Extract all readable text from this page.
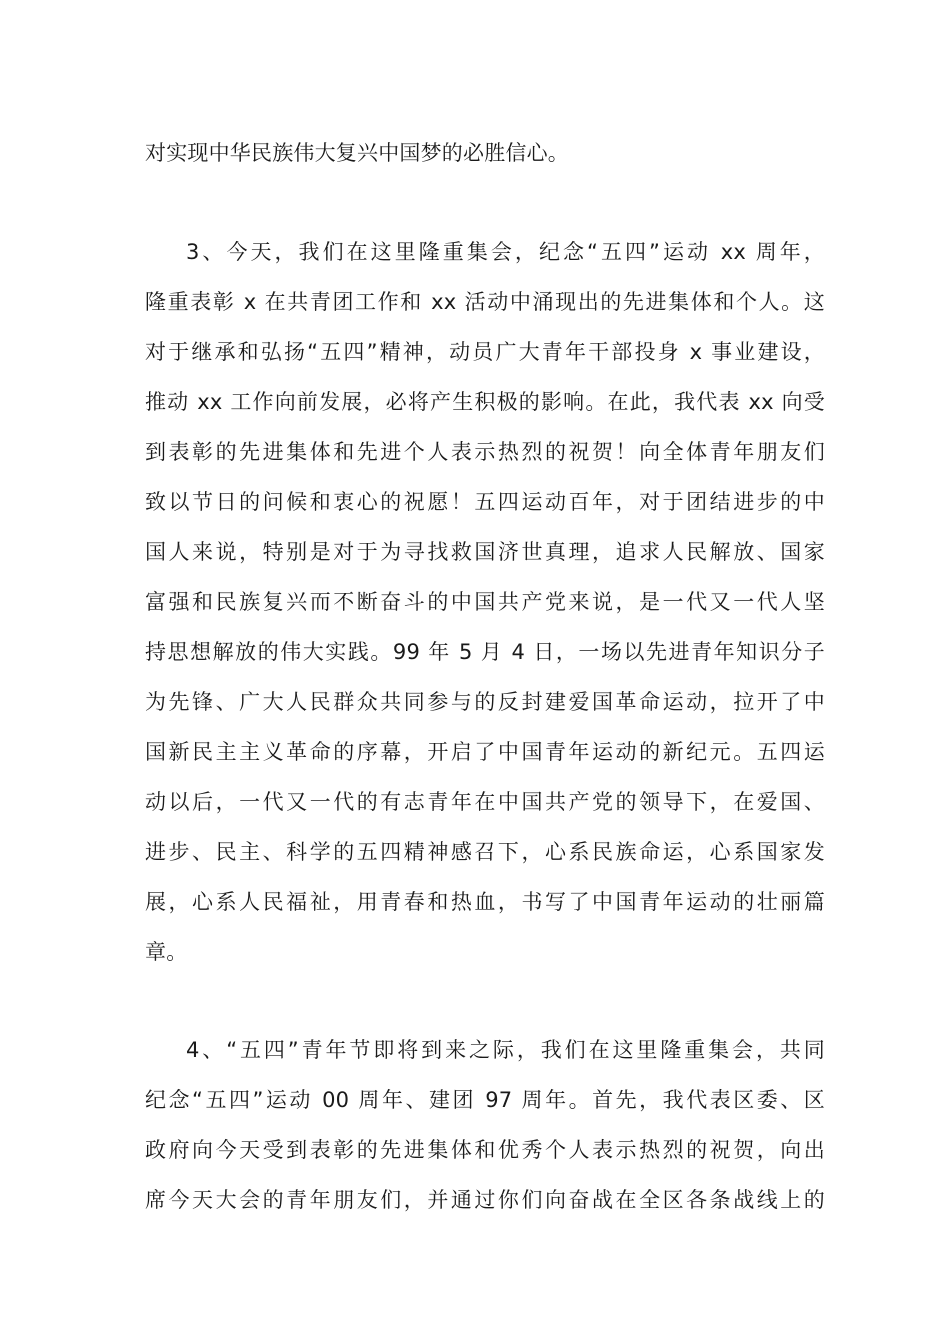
对实现中华民族伟大复兴中国梦的必胜信心。
3、今天，我们在这里隆重集会，纪念“五四”运动 xx 周年，
隆重表彰 x 在共青团工作和 xx 活动中涌现出的先进集体和个人。这
对于继承和弘扬“五四”精神，动员广大青年干部投身 x 事业建设，
推动 xx 工作向前发展，必将产生积极的影响。在此，我代表 xx 向受
到表彰的先进集体和先进个人表示热烈的祝贺！向全体青年朋友们
致以节日的问候和衷心的祝愿！五四运动百年，对于团结进步的中
国人来说，特别是对于为寻找救国济世真理，追求人民解放、国家
富强和民族复兴而不断奋斗的中国共产党来说，是一代又一代人坚
持思想解放的伟大实践。99 年 5 月 4 日，一场以先进青年知识分子
为先锋、广大人民群众共同参与的反封建爱国革命运动，拉开了中
国新民主主义革命的序幕，开启了中国青年运动的新纪元。五四运
动以后，一代又一代的有志青年在中国共产党的领导下，在爱国、
进步、民主、科学的五四精神感召下，心系民族命运，心系国家发
展，心系人民福祉，用青春和热血，书写了中国青年运动的壮丽篇
章。
4、“五四”青年节即将到来之际，我们在这里隆重集会，共同
纪念“五四”运动 00 周年、建团 97 周年。首先，我代表区委、区
政府向今天受到表彰的先进集体和优秀个人表示热烈的祝贺，向出
席今天大会的青年朋友们，并通过你们向奋战在全区各条战线上的
